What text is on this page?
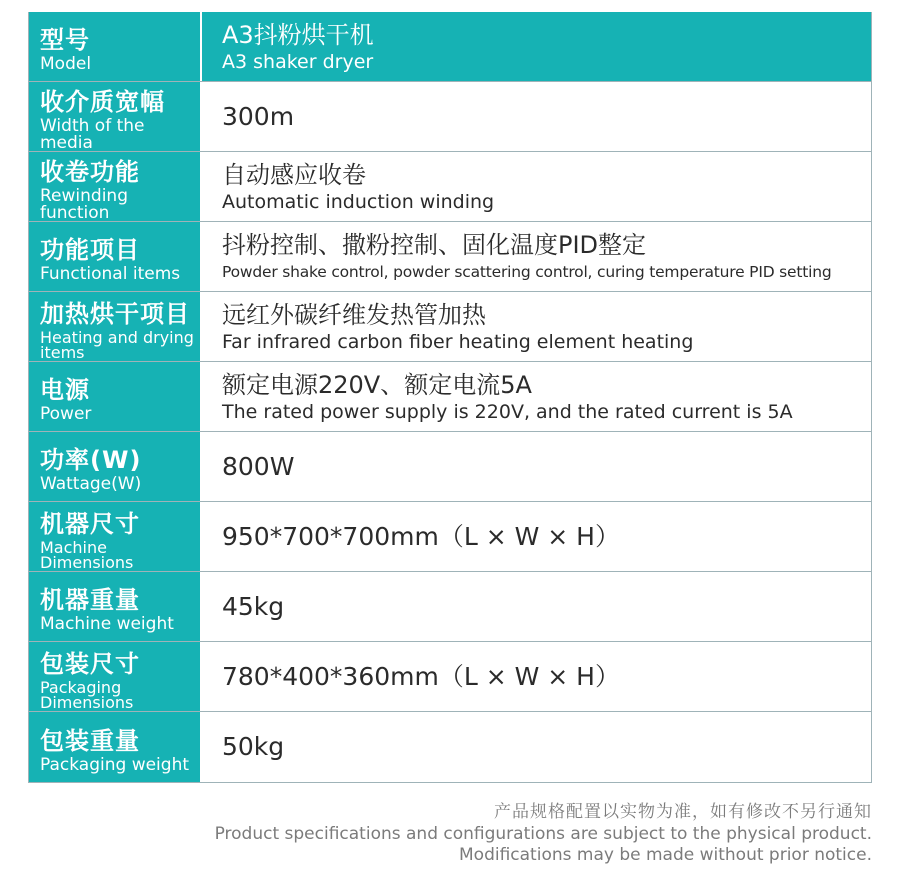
型号
Model
A3抖粉烘干机
A3 shaker dryer
收介质宽幅
Width of the media
300m
收卷功能
Rewinding function
自动感应收卷
Automatic induction winding
功能项目
Functional items
抖粉控制、撒粉控制、固化温度PID整定
Powder shake control, powder scattering control, curing temperature PID setting
加热烘干项目
Heating and drying items
远红外碳纤维发热管加热
Far infrared carbon fiber heating element heating
电源
Power
额定电源220V、额定电流5A
The rated power supply is 220V, and the rated current is 5A
功率(W)
Wattage(W)
800W
机器尺寸
Machine Dimensions
950*700*700mm（L × W × H）
机器重量
Machine weight
45kg
包装尺寸
Packaging Dimensions
780*400*360mm（L × W × H）
包装重量
Packaging weight
50kg
产品规格配置以实物为准，如有修改不另行通知
Product specifications and configurations are subject to the physical product.
Modifications may be made without prior notice.
